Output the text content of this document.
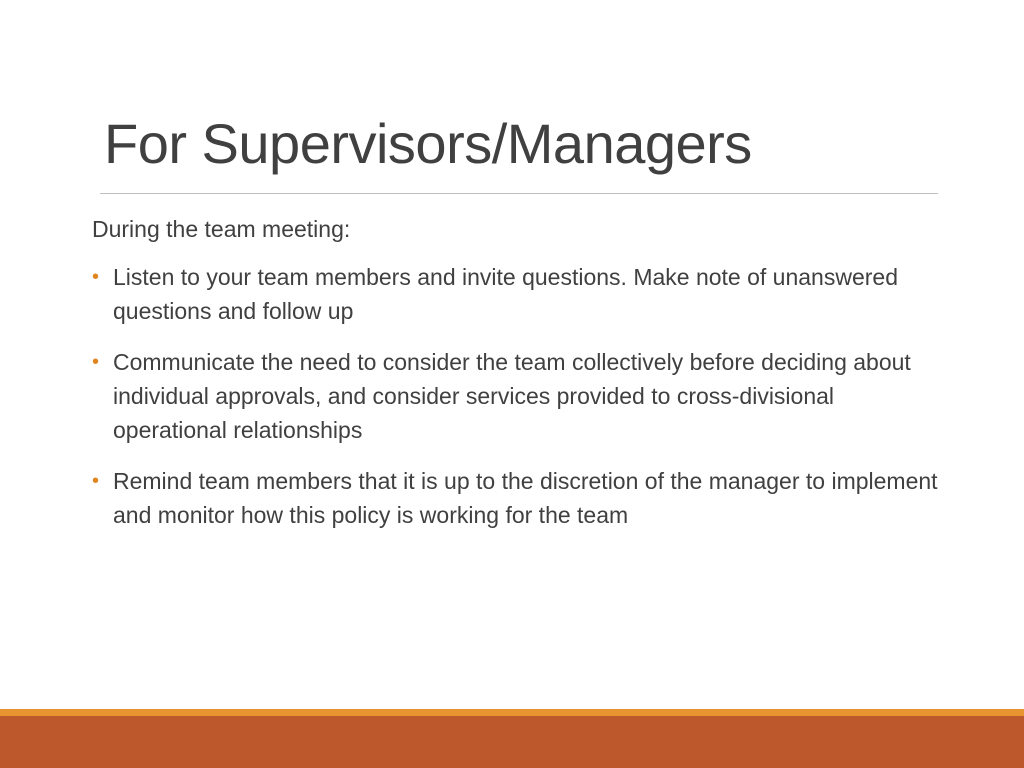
For Supervisors/Managers

During the team meeting:

• Listen to your team members and invite questions. Make note of unanswered questions and follow up
• Communicate the need to consider the team collectively before deciding about individual approvals, and consider services provided to cross-divisional operational relationships
• Remind team members that it is up to the discretion of the manager to implement and monitor how this policy is working for the team
